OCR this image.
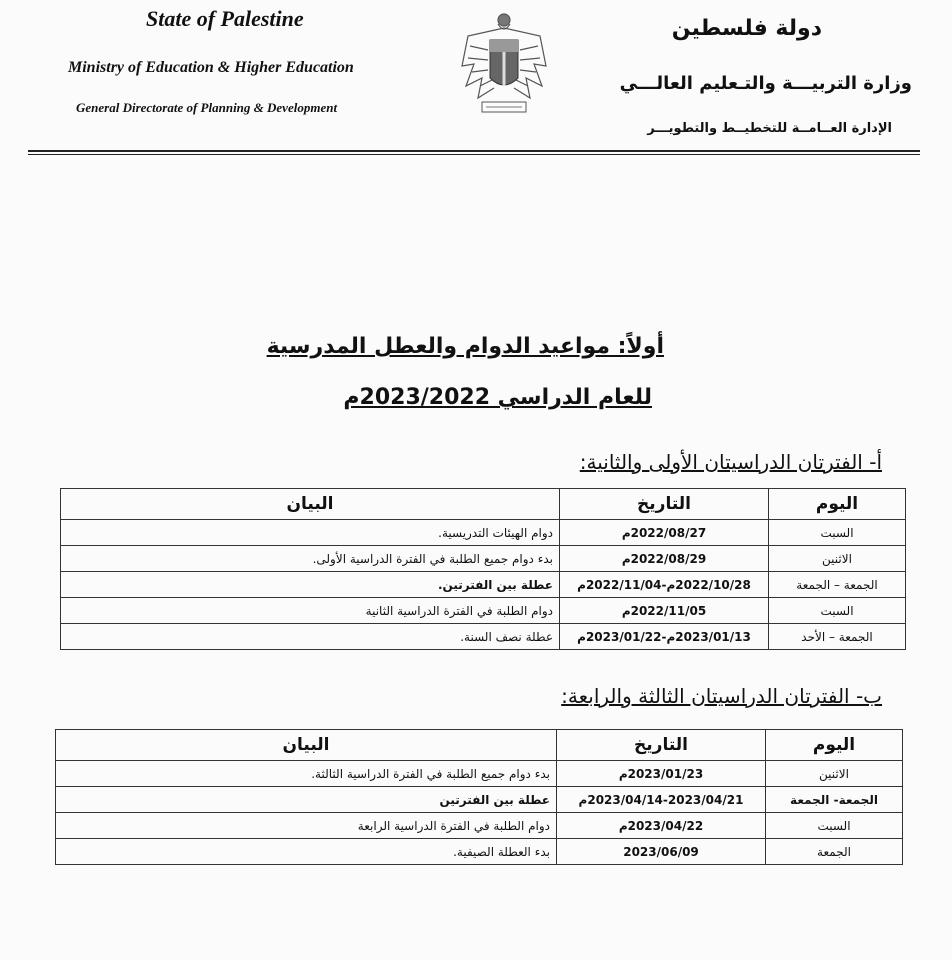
State of Palestine
Ministry of Education & Higher Education
General Directorate of Planning & Development
دولة فلسطين
وزارة التربيـــة والتـعليم العالـــي
الإدارة العــامــة للتخطيــط والتطويـــر
أولاً: مواعيد الدوام والعطل المدرسية
للعام الدراسي 2023/2022م
أ- الفترتان الدراسيتان الأولى والثانية:
اليوم	التاريخ	البيان
السبت	2022/08/27م	دوام الهيئات التدريسية.
الاثنين	2022/08/29م	بدء دوام جميع الطلبة في الفترة الدراسية الأولى.
الجمعة – الجمعة	2022/10/28م-2022/11/04م	عطلة بين الفترتين.
السبت	2022/11/05م	دوام الطلبة في الفترة الدراسية الثانية
الجمعة – الأحد	2023/01/13م-2023/01/22م	عطلة نصف السنة.
ب- الفترتان الدراسيتان الثالثة والرابعة:
اليوم	التاريخ	البيان
الاثنين	2023/01/23م	بدء دوام جميع الطلبة في الفترة الدراسية الثالثة.
الجمعة- الجمعة	2023/04/14-2023/04/21م	عطلة بين الفترتين
السبت	2023/04/22م	دوام الطلبة في الفترة الدراسية الرابعة
الجمعة	2023/06/09	بدء العطلة الصيفية.
